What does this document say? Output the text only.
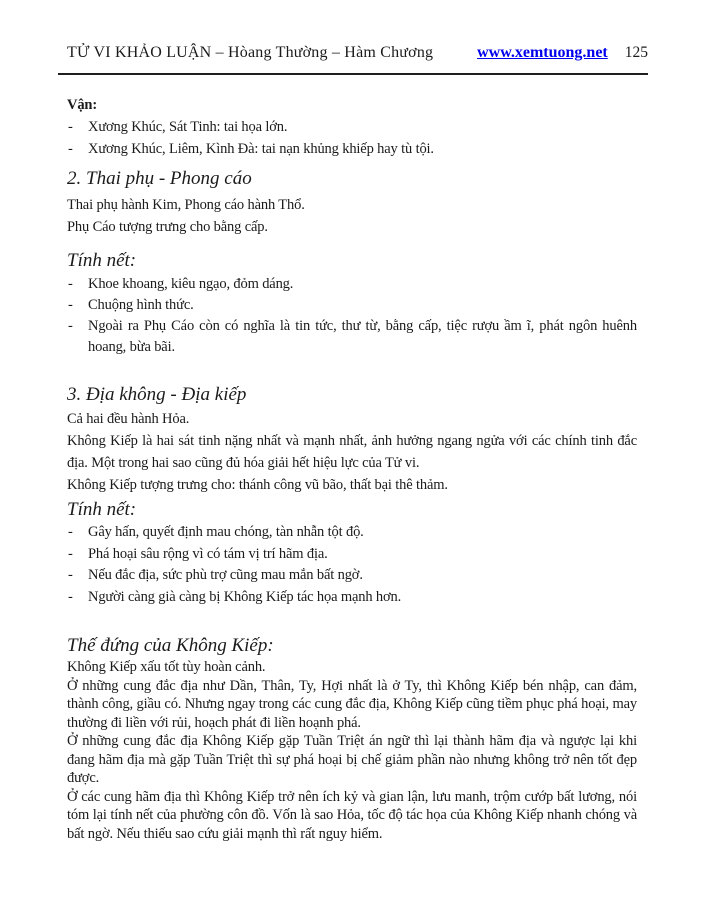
TỬ VI KHẢO LUẬN – Hòang Thường – Hàm Chương	www.xemtuong.net 125
Vận:
- Xương Khúc, Sát Tinh: tai họa lớn.
- Xương Khúc, Liêm, Kình Đà: tai nạn khủng khiếp hay tù tội.
2. Thai phụ - Phong cáo

Thai phụ hành Kim, Phong cáo hành Thổ.

Phụ Cáo tượng trưng cho bằng cấp.

Tính nết:
- Khoe khoang, kiêu ngạo, đỏm dáng.
- Chuộng hình thức.
- Ngoài ra Phụ Cáo còn có nghĩa là tin tức, thư từ, bằng cấp, tiệc rượu ầm ĩ, phát ngôn huênh hoang, bừa bãi.
3. Địa không - Địa kiếp

Cả hai đều hành Hỏa.

Không Kiếp là hai sát tinh nặng nhất và mạnh nhất, ảnh hưởng ngang ngửa với các chính tinh đắc địa. Một trong hai sao cũng đủ hóa giải hết hiệu lực của Tử vi.

Không Kiếp tượng trưng cho: thánh công vũ bão, thất bại thê thảm.

Tính nết:
- Gây hấn, quyết định mau chóng, tàn nhẫn tột độ.
- Phá hoại sâu rộng vì có tám vị trí hãm địa.
- Nếu đắc địa, sức phù trợ cũng mau mắn bất ngờ.
- Người càng già càng bị Không Kiếp tác họa mạnh hơn.
Thế đứng của Không Kiếp:

Không Kiếp xấu tốt tùy hoàn cảnh.

Ở những cung đắc địa như Dần, Thân, Ty, Hợi nhất là ở Ty, thì Không Kiếp bén nhập, can đảm, thành công, giầu có. Nhưng ngay trong các cung đắc địa, Không Kiếp cũng tiềm phục phá hoại, may thường đi liền với rủi, hoạch phát đi liền hoạnh phá.

Ở những cung đắc địa Không Kiếp gặp Tuần Triệt án ngữ thì lại thành hãm địa và ngược lại khi đang hãm địa mà gặp Tuần Triệt thì sự phá hoại bị chế giảm phần nào nhưng không trở nên tốt đẹp được.

Ở các cung hãm địa thì Không Kiếp trở nên ích kỷ và gian lận, lưu manh, trộm cướp bất lương, nói tóm lại tính nết của phường côn đồ. Vốn là sao Hỏa, tốc độ tác họa của Không Kiếp nhanh chóng và bất ngờ. Nếu thiếu sao cứu giải mạnh thì rất nguy hiểm.
